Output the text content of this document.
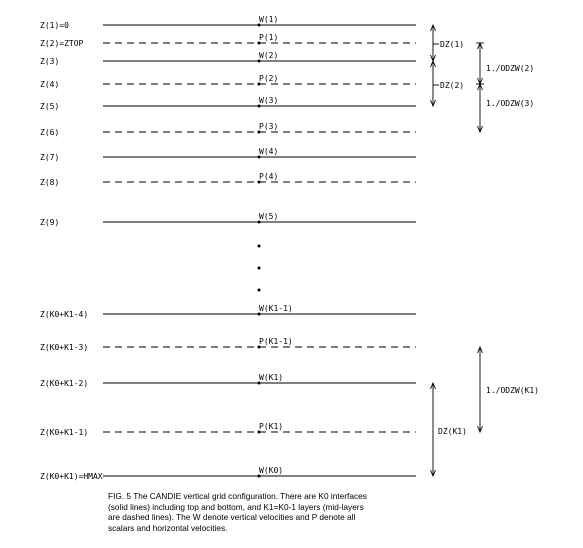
Z(1)=0
W(1)
Z(2)=ZTOP
P(1)
Z(3)
W(2)
Z(4)
P(2)
Z(5)
W(3)
Z(6)
P(3)
Z(7)
W(4)
Z(8)
P(4)
Z(9)
W(5)
Z(K0+K1-4)
W(K1-1)
Z(K0+K1-3)
P(K1-1)
Z(K0+K1-2)
W(K1)
Z(K0+K1-1)
P(K1)
Z(K0+K1)=HMAX
W(K0)
DZ(1)
DZ(2)
1./ODZW(2)
1./ODZW(3)
1./ODZW(K1)
DZ(K1)

FIG. 5 The CANDIE vertical grid configuration. There are K0 interfaces
(solid lines) including top and bottom, and K1=K0-1 layers (mid-layers
are dashed lines). The W denote vertical velocities and P denote all
scalars and horizontal velocities.
